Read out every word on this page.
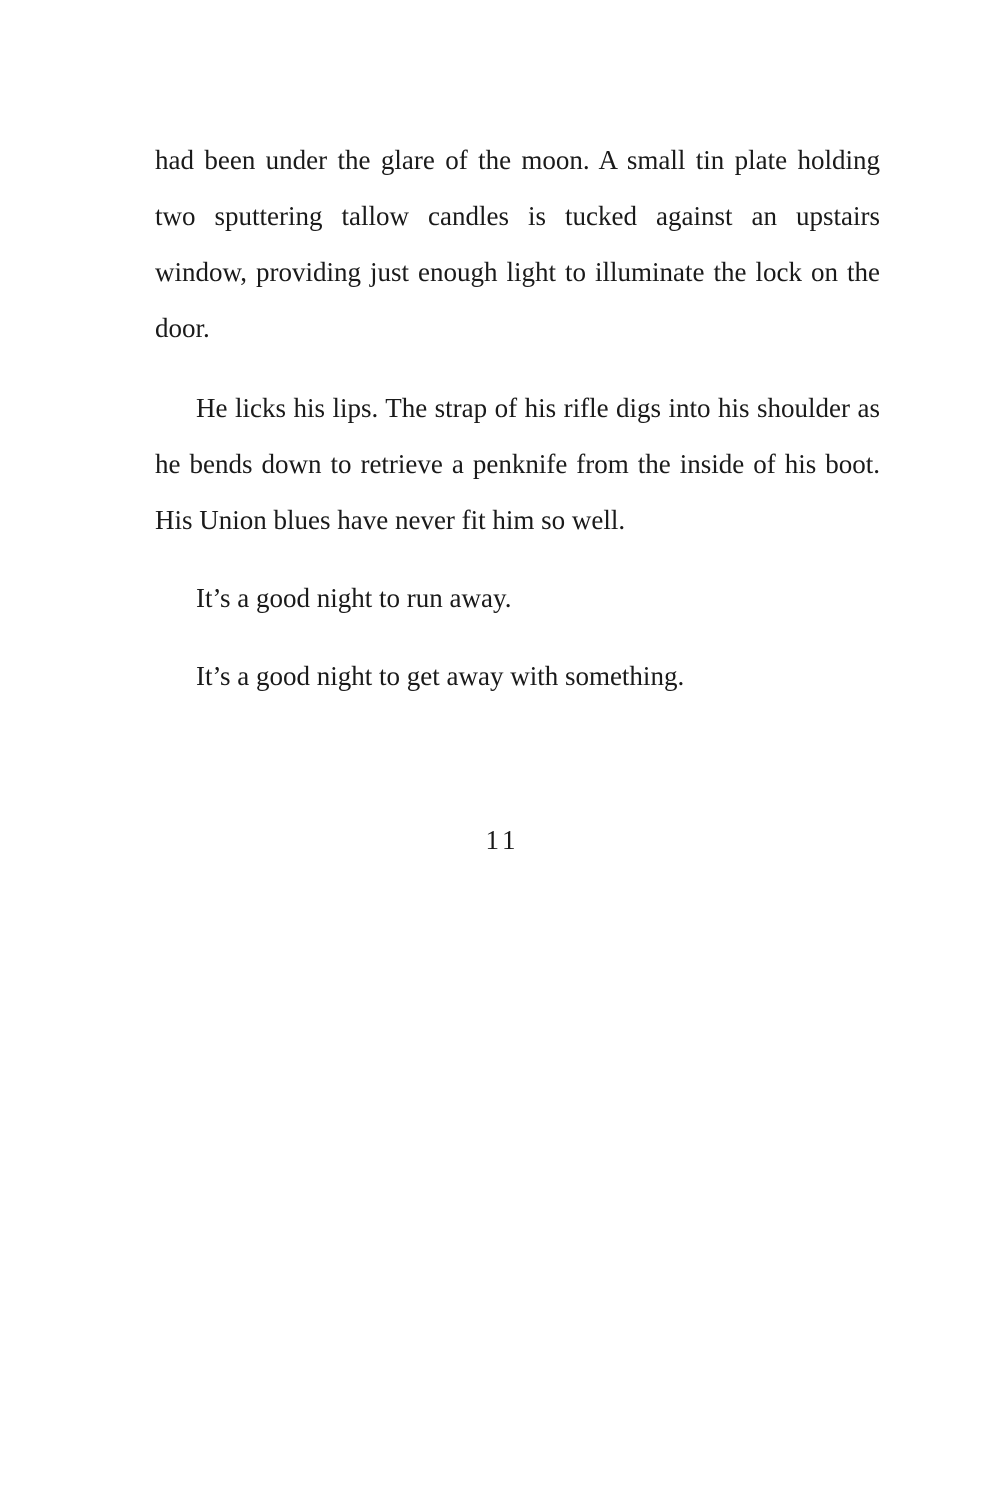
had been under the glare of the moon. A small tin plate holding two sputtering tallow candles is tucked against an upstairs window, providing just enough light to illuminate the lock on the door.

He licks his lips. The strap of his rifle digs into his shoulder as he bends down to retrieve a penknife from the inside of his boot. His Union blues have never fit him so well.

It’s a good night to run away.

It’s a good night to get away with something.

11
